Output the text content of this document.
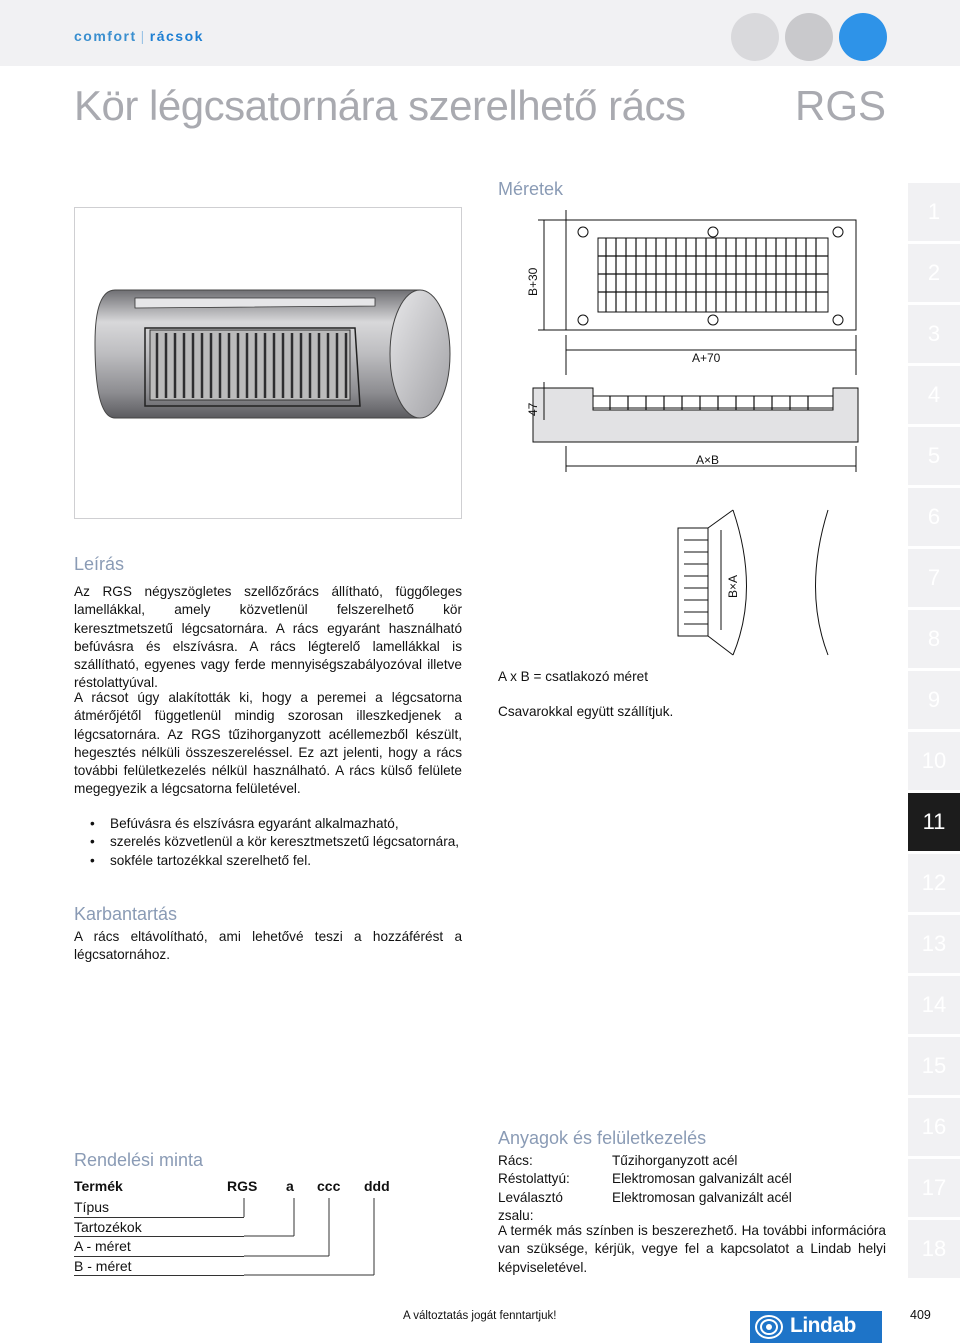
comfort | rácsok
Kör légcsatornára szerelhető rács	RGS
Méretek
B+30
A+70
47
A×B
B×A
A x B = csatlakozó méret
Csavarokkal együtt szállítjuk.
Leírás

Az RGS négyszögletes szellőzőrács állítható, függőleges lamellákkal, amely közvetlenül felszerelhető kör keresztmetszetű légcsatornára. A rács egyaránt használható befúvásra és elszívásra. A rács légterelő lamellákkal is szállítható, egyenes vagy ferde mennyiségszabályozóval illetve réstolattyúval.

A rácsot úgy alakították ki, hogy a peremei a légcsatorna átmérőjétől függetlenül mindig szorosan illeszkedjenek a légcsatornára. Az RGS tűzihorganyzott acéllemezből készült, hegesztés nélküli összeszereléssel. Ez azt jelenti, hogy a rács további felületkezelés nélkül használható. A rács külső felülete megegyezik a légcsatorna felületével.

• Befúvásra és elszívásra egyaránt alkalmazható,
• szerelés közvetlenül a kör keresztmetszetű légcsatornára,
• sokféle tartozékkal szerelhető fel.
Karbantartás

A rács eltávolítható, ami lehetővé teszi a hozzáférést a légcsatornához.

Rendelési minta
Termék	RGS a ccc ddd
Típus
Tartozékok
A - méret
B - méret
Anyagok és felületkezelés
Rács:	Tűzihorganyzott acél
Réstolattyú:	Elektromosan galvanizált acél
Leválasztó zsalu:
Elektromosan galvanizált acél

A termék más színben is beszerezhető. Ha további információra van szüksége, kérjük, vegye fel a kapcsolatot a Lindab helyi képviseletével.

1
2
3
4
5
6
7
8
9
10
11
12
13
14
15
16
17
18
A változtatás jogát fenntartjuk!	Lindab	409
